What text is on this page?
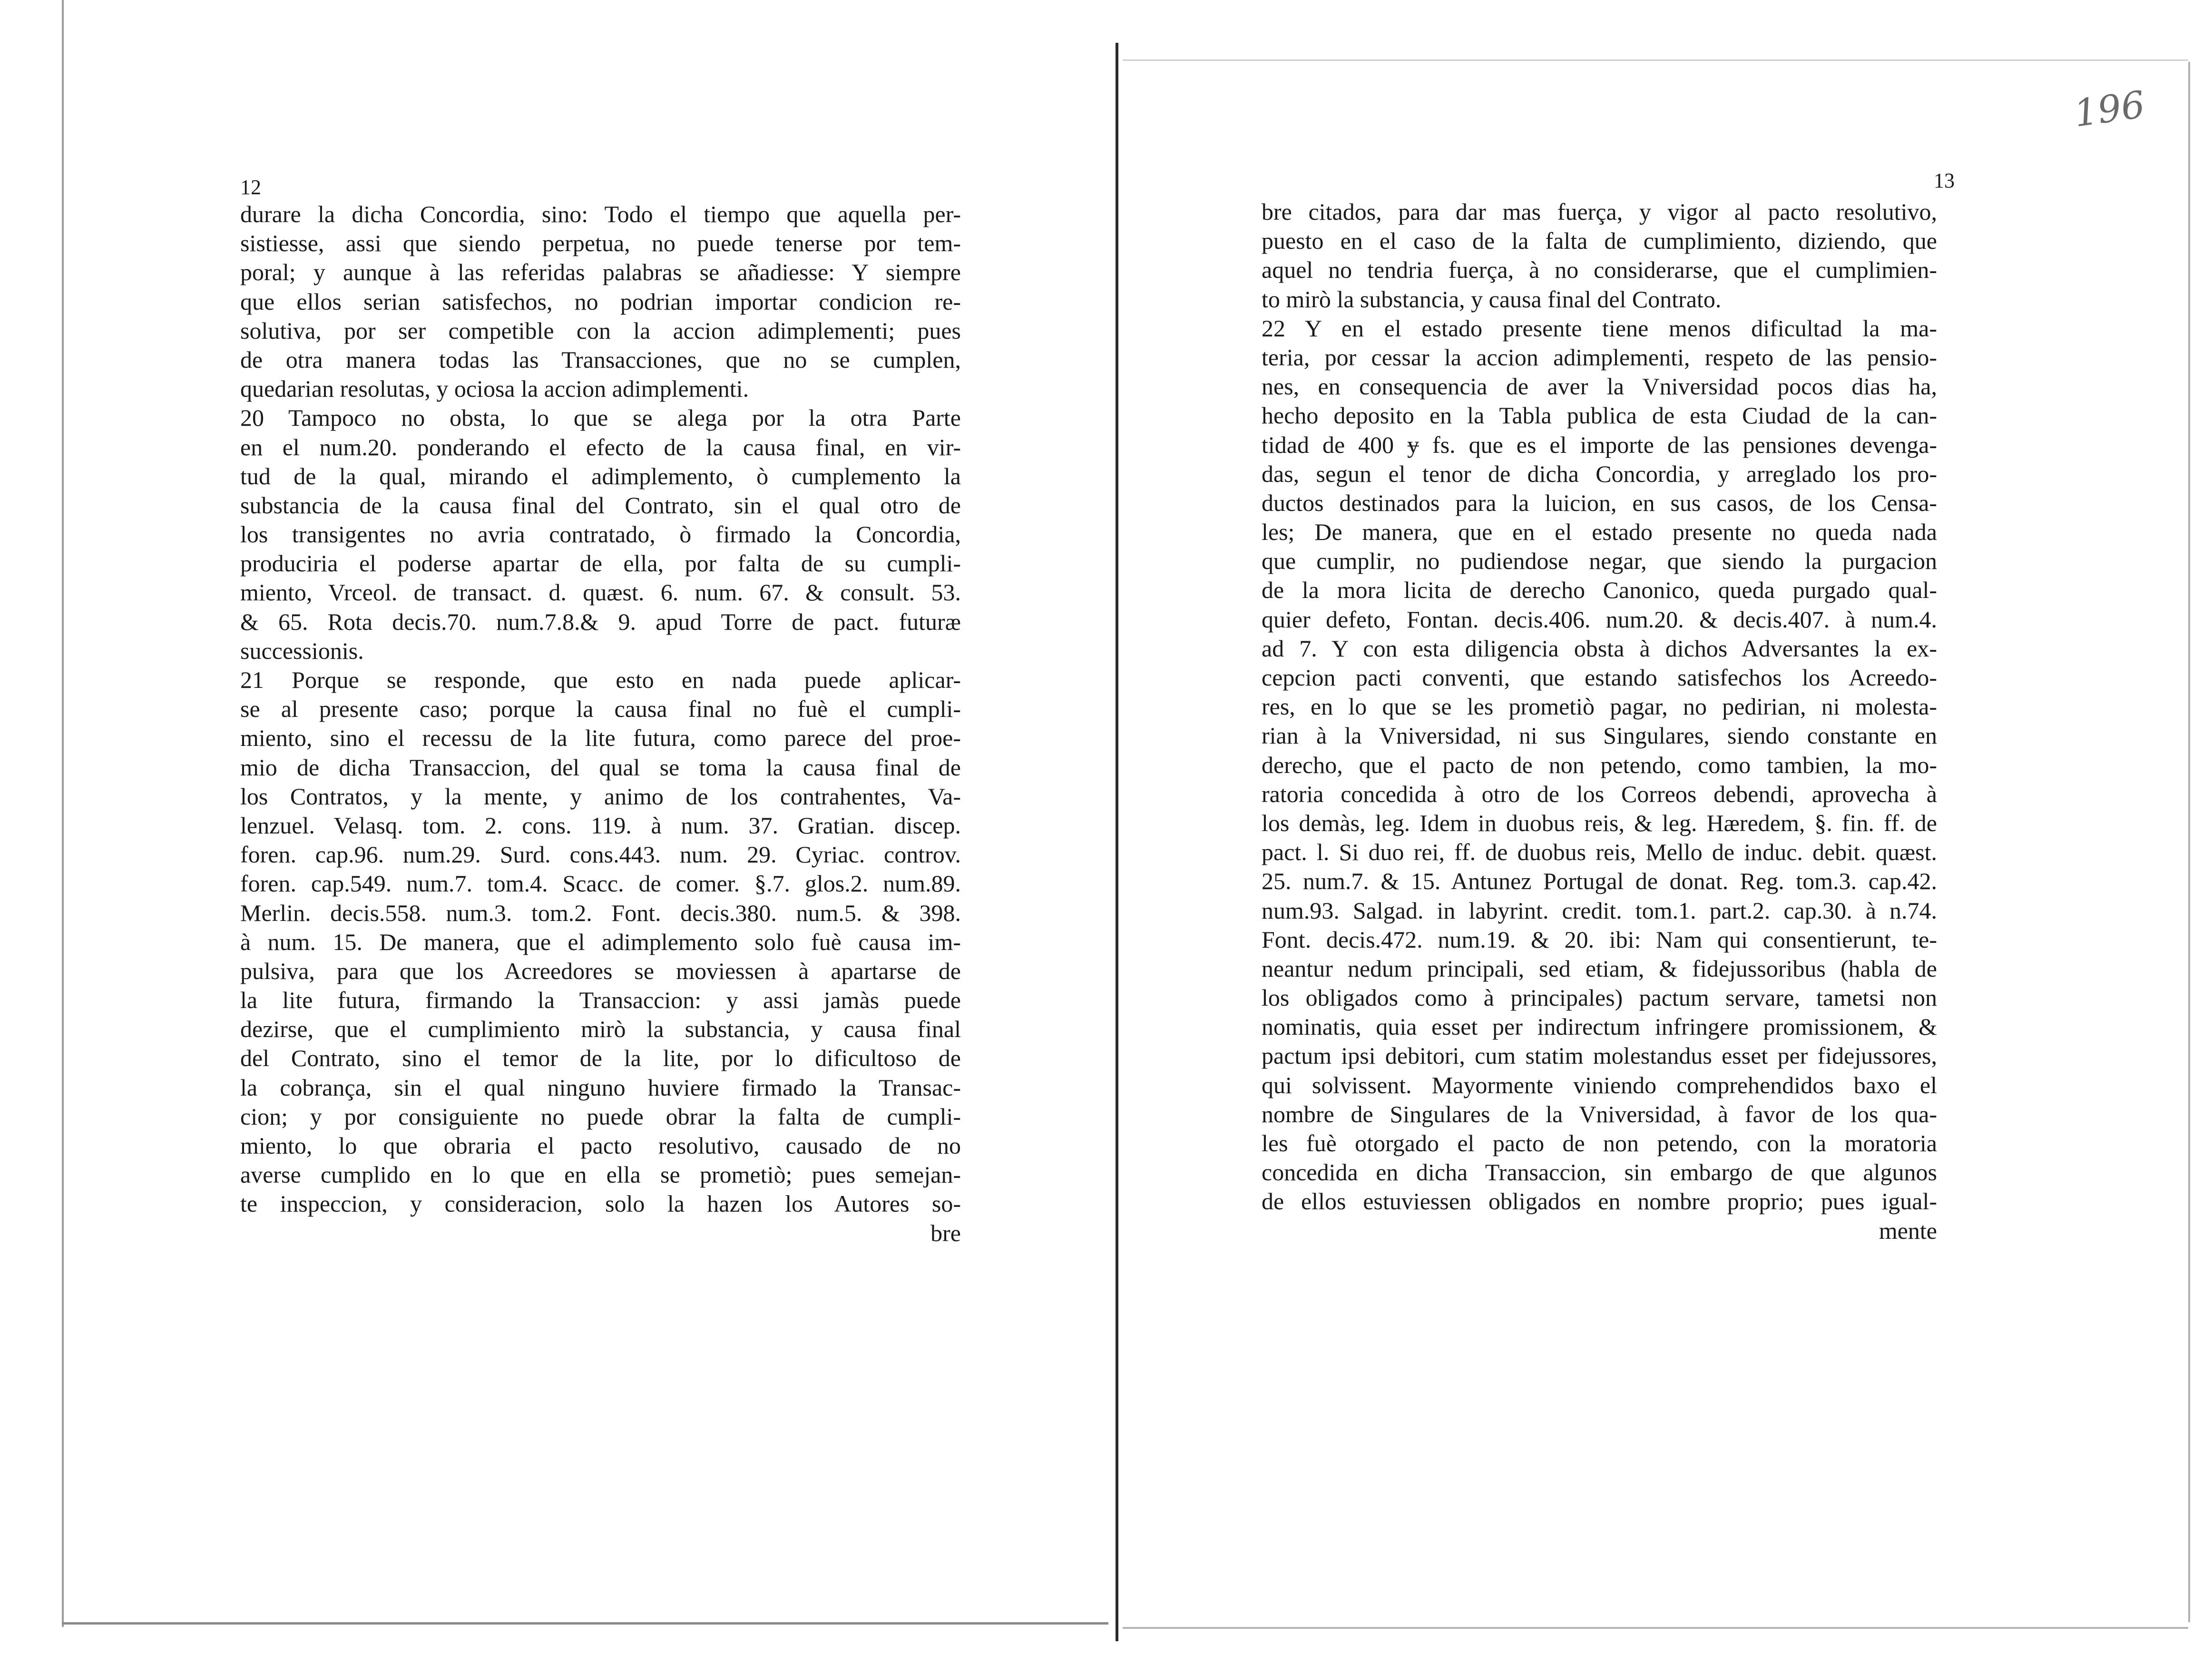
196
12	13
durare la dicha Concordia, sino: Todo el tiempo que aquella per-
sistiesse, assi que siendo perpetua, no puede tenerse por tem-
poral; y aunque à las referidas palabras se añadiesse: Y siempre
que ellos serian satisfechos, no podrian importar condicion re-
solutiva, por ser competible con la accion adimplementi; pues
de otra manera todas las Transacciones, que no se cumplen,
quedarian resolutas, y ociosa la accion adimplementi.
20 Tampoco no obsta, lo que se alega por la otra Parte
en el num.20. ponderando el efecto de la causa final, en vir-
tud de la qual, mirando el adimplemento, ò cumplemento la
substancia de la causa final del Contrato, sin el qual otro de
los transigentes no avria contratado, ò firmado la Concordia,
produciria el poderse apartar de ella, por falta de su cumpli-
miento, Vrceol. de transact. d. quæst. 6. num. 67. & consult. 53.
& 65. Rota decis.70. num.7.8.& 9. apud Torre de pact. futuræ
successionis.
21 Porque se responde, que esto en nada puede aplicar-
se al presente caso; porque la causa final no fuè el cumpli-
miento, sino el recessu de la lite futura, como parece del proe-
mio de dicha Transaccion, del qual se toma la causa final de
los Contratos, y la mente, y animo de los contrahentes, Va-
lenzuel. Velasq. tom. 2. cons. 119. à num. 37. Gratian. discep.
foren. cap.96. num.29. Surd. cons.443. num. 29. Cyriac. controv.
foren. cap.549. num.7. tom.4. Scacc. de comer. §.7. glos.2. num.89.
Merlin. decis.558. num.3. tom.2. Font. decis.380. num.5. & 398.
à num. 15. De manera, que el adimplemento solo fuè causa im-
pulsiva, para que los Acreedores se moviessen à apartarse de
la lite futura, firmando la Transaccion: y assi jamàs puede
dezirse, que el cumplimiento mirò la substancia, y causa final
del Contrato, sino el temor de la lite, por lo dificultoso de
la cobrança, sin el qual ninguno huviere firmado la Transac-
cion; y por consiguiente no puede obrar la falta de cumpli-
miento, lo que obraria el pacto resolutivo, causado de no
averse cumplido en lo que en ella se prometiò; pues semejan-
te inspeccion, y consideracion, solo la hazen los Autores so-
bre
bre citados, para dar mas fuerça, y vigor al pacto resolutivo,
puesto en el caso de la falta de cumplimiento, diziendo, que
aquel no tendria fuerça, à no considerarse, que el cumplimien-
to mirò la substancia, y causa final del Contrato.
22 Y en el estado presente tiene menos dificultad la ma-
teria, por cessar la accion adimplementi, respeto de las pensio-
nes, en consequencia de aver la Vniversidad pocos dias ha,
hecho deposito en la Tabla publica de esta Ciudad de la can-
tidad de 400 ɏ fs. que es el importe de las pensiones devenga-
das, segun el tenor de dicha Concordia, y arreglado los pro-
ductos destinados para la luicion, en sus casos, de los Censa-
les; De manera, que en el estado presente no queda nada
que cumplir, no pudiendose negar, que siendo la purgacion
de la mora licita de derecho Canonico, queda purgado qual-
quier defeto, Fontan. decis.406. num.20. & decis.407. à num.4.
ad 7. Y con esta diligencia obsta à dichos Adversantes la ex-
cepcion pacti conventi, que estando satisfechos los Acreedo-
res, en lo que se les prometiò pagar, no pedirian, ni molesta-
rian à la Vniversidad, ni sus Singulares, siendo constante en
derecho, que el pacto de non petendo, como tambien, la mo-
ratoria concedida à otro de los Correos debendi, aprovecha à
los demàs, leg. Idem in duobus reis, & leg. Hæredem, §. fin. ff. de
pact. l. Si duo rei, ff. de duobus reis, Mello de induc. debit. quæst.
25. num.7. & 15. Antunez Portugal de donat. Reg. tom.3. cap.42.
num.93. Salgad. in labyrint. credit. tom.1. part.2. cap.30. à n.74.
Font. decis.472. num.19. & 20. ibi: Nam qui consentierunt, te-
neantur nedum principali, sed etiam, & fidejussoribus (habla de
los obligados como à principales) pactum servare, tametsi non
nominatis, quia esset per indirectum infringere promissionem, &
pactum ipsi debitori, cum statim molestandus esset per fidejussores,
qui solvissent. Mayormente viniendo comprehendidos baxo el
nombre de Singulares de la Vniversidad, à favor de los qua-
les fuè otorgado el pacto de non petendo, con la moratoria
concedida en dicha Transaccion, sin embargo de que algunos
de ellos estuviessen obligados en nombre proprio; pues igual-
mente
